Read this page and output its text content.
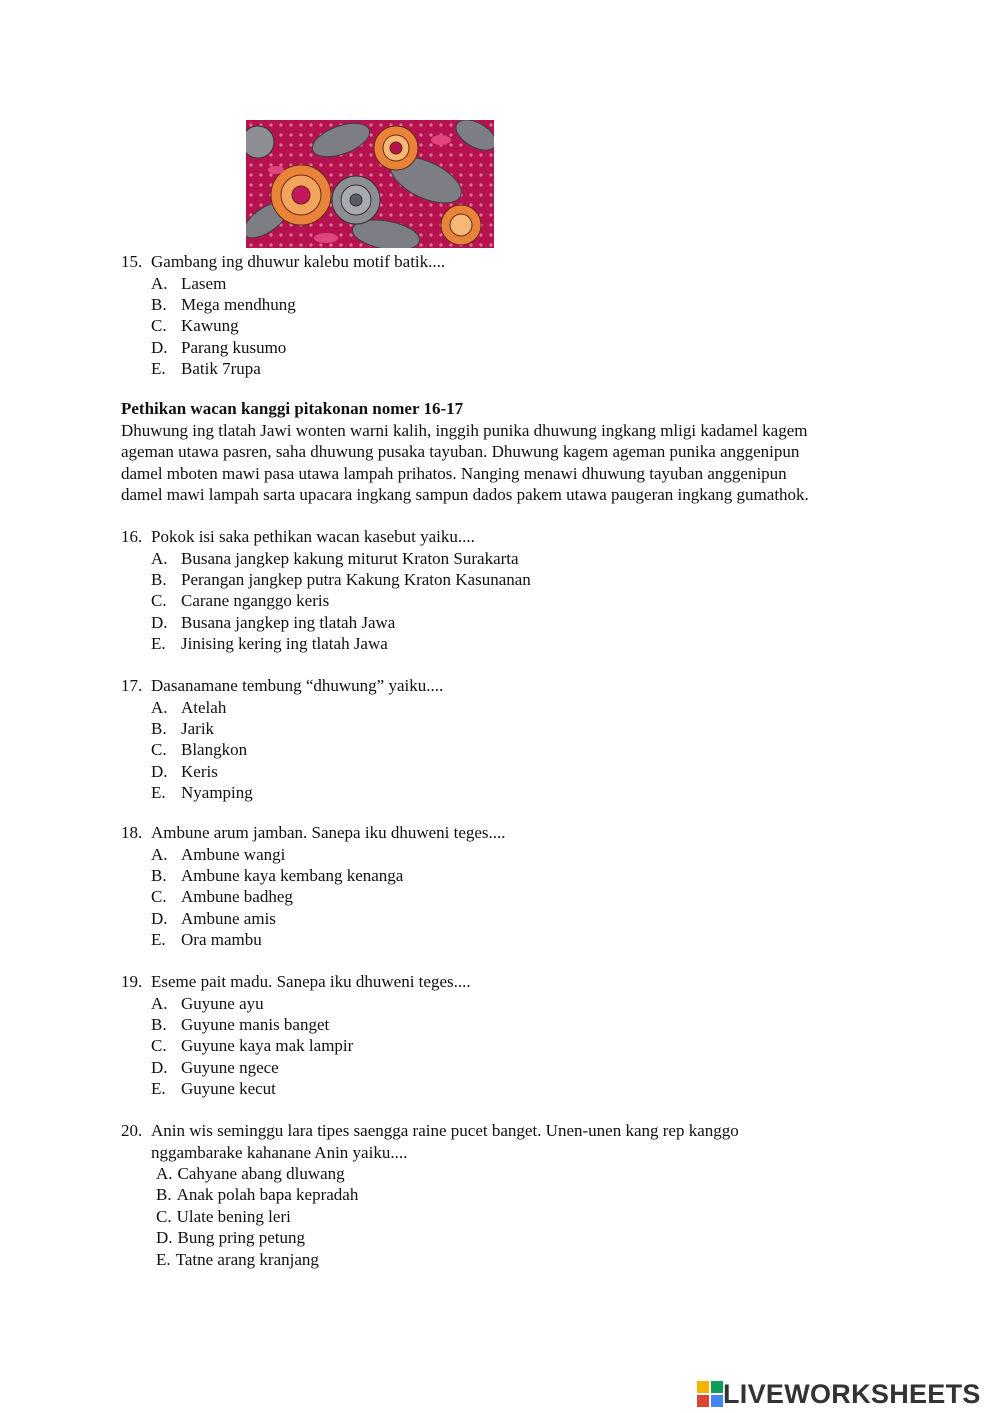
15. Gambang ing dhuwur kalebu motif batik....
A. Lasem
B. Mega mendhung
C. Kawung
D. Parang kusumo
E. Batik 7rupa
Pethikan wacan kanggi pitakonan nomer 16-17
Dhuwung ing tlatah Jawi wonten warni kalih, inggih punika dhuwung ingkang mligi kadamel kagem
ageman utawa pasren, saha dhuwung pusaka tayuban. Dhuwung kagem ageman punika anggenipun
damel mboten mawi pasa utawa lampah prihatos. Nanging menawi dhuwung tayuban anggenipun
damel mawi lampah sarta upacara ingkang sampun dados pakem utawa paugeran ingkang gumathok.
16. Pokok isi saka pethikan wacan kasebut yaiku....
A. Busana jangkep kakung miturut Kraton Surakarta
B. Perangan jangkep putra Kakung Kraton Kasunanan
C. Carane nganggo keris
D. Busana jangkep ing tlatah Jawa
E. Jinising kering ing tlatah Jawa
17. Dasanamane tembung “dhuwung” yaiku....
A. Atelah
B. Jarik
C. Blangkon
D. Keris
E. Nyamping
18. Ambune arum jamban. Sanepa iku dhuweni teges....
A. Ambune wangi
B. Ambune kaya kembang kenanga
C. Ambune badheg
D. Ambune amis
E. Ora mambu
19. Eseme pait madu. Sanepa iku dhuweni teges....
A. Guyune ayu
B. Guyune manis banget
C. Guyune kaya mak lampir
D. Guyune ngece
E. Guyune kecut
20. Anin wis seminggu lara tipes saengga raine pucet banget. Unen-unen kang rep kanggo
nggambarake kahanane Anin yaiku....
A. Cahyane abang dluwang
B. Anak polah bapa kepradah
C. Ulate bening leri
D. Bung pring petung
E. Tatne arang kranjang
LIVEWORKSHEETS
